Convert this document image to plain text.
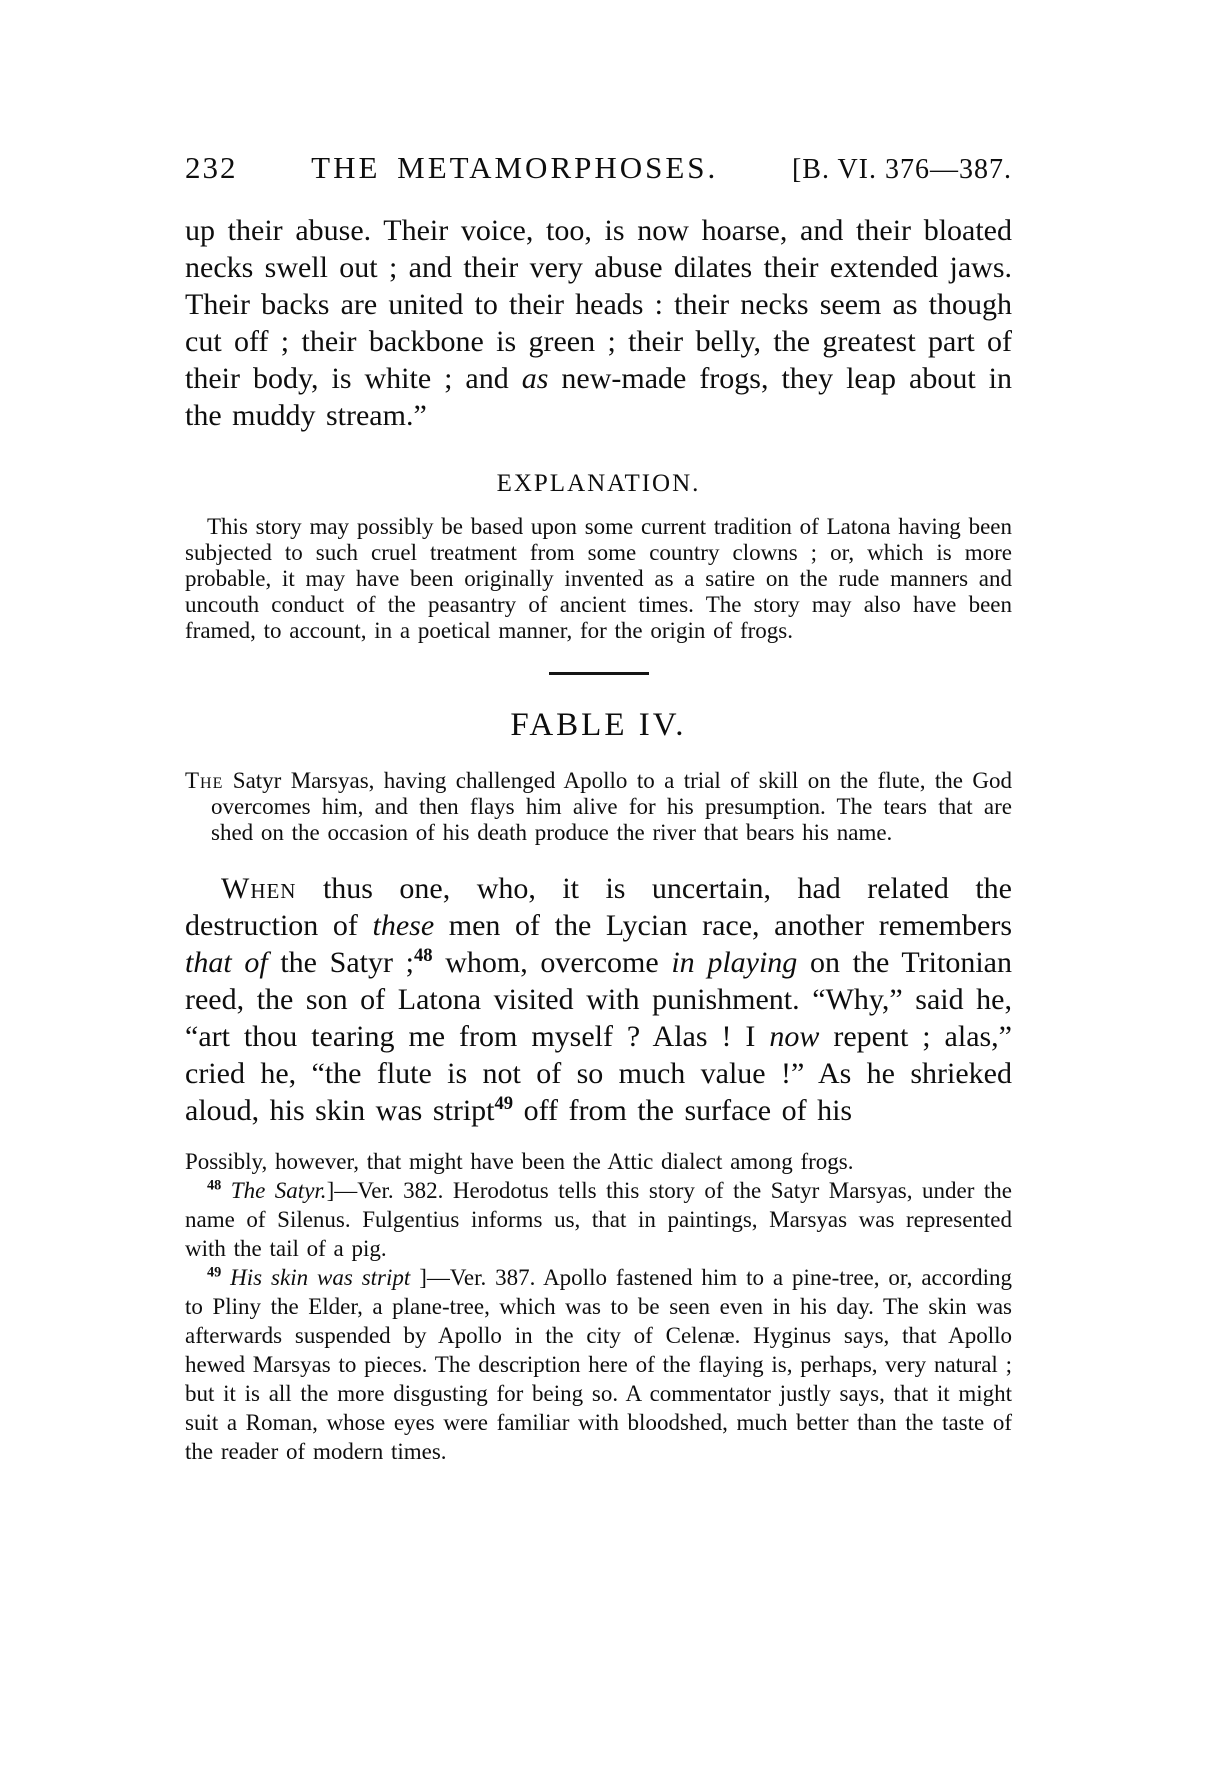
232 THE METAMORPHOSES.	[B. VI. 376—387.

up their abuse. Their voice, too, is now hoarse, and their bloated necks swell out ; and their very abuse dilates their extended jaws. Their backs are united to their heads : their necks seem as though cut off ; their backbone is green ; their belly, the greatest part of their body, is white ; and as new-made frogs, they leap about in the muddy stream.”

EXPLANATION.

This story may possibly be based upon some current tradition of Latona having been subjected to such cruel treatment from some country clowns ; or, which is more probable, it may have been originally invented as a satire on the rude manners and uncouth conduct of the peasantry of ancient times. The story may also have been framed, to account, in a poetical manner, for the origin of frogs.

FABLE IV.

The Satyr Marsyas, having challenged Apollo to a trial of skill on the flute, the God overcomes him, and then flays him alive for his presumption. The tears that are shed on the occasion of his death produce the river that bears his name.

When thus one, who, it is uncertain, had related the destruction of these men of the Lycian race, another remembers that of the Satyr ;$^{48}$ whom, overcome in playing on the Tritonian reed, the son of Latona visited with punishment. “Why,” said he, “art thou tearing me from myself ? Alas ! I now repent ; alas,” cried he, “the flute is not of so much value !” As he shrieked aloud, his skin was stript$^{49}$ off from the surface of his

Possibly, however, that might have been the Attic dialect among frogs.

$^{48}$ The Satyr.]—Ver. 382. Herodotus tells this story of the Satyr Marsyas, under the name of Silenus. Fulgentius informs us, that in paintings, Marsyas was represented with the tail of a pig.

$^{49}$ His skin was stript ]—Ver. 387. Apollo fastened him to a pine-tree, or, according to Pliny the Elder, a plane-tree, which was to be seen even in his day. The skin was afterwards suspended by Apollo in the city of Celenæ. Hyginus says, that Apollo hewed Marsyas to pieces. The description here of the flaying is, perhaps, very natural ; but it is all the more disgusting for being so. A commentator justly says, that it might suit a Roman, whose eyes were familiar with bloodshed, much better than the taste of the reader of modern times.
